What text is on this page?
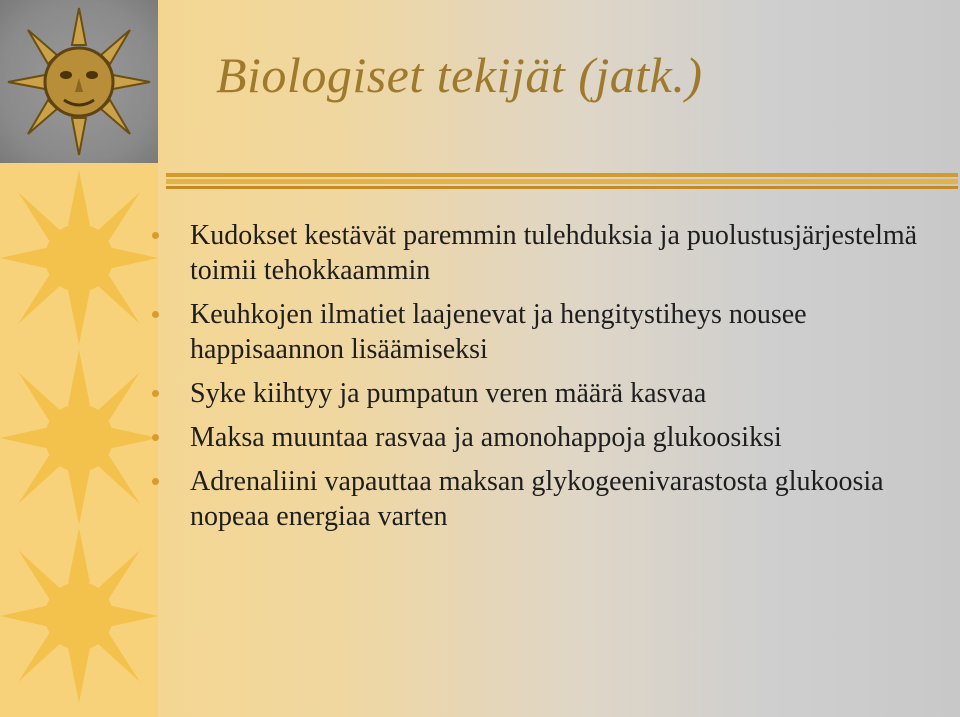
Biologiset tekijät (jatk.)
Kudokset kestävät paremmin tulehduksia ja puolustusjärjestelmä toimii tehokkaammin
Keuhkojen ilmatiet laajenevat ja hengitystiheys nousee happisaannon lisäämiseksi
Syke kiihtyy ja pumpatun veren määrä kasvaa
Maksa muuntaa rasvaa ja amonohappoja glukoosiksi
Adrenaliini vapauttaa maksan glykogeenivarastosta glukoosia nopeaa energiaa varten
